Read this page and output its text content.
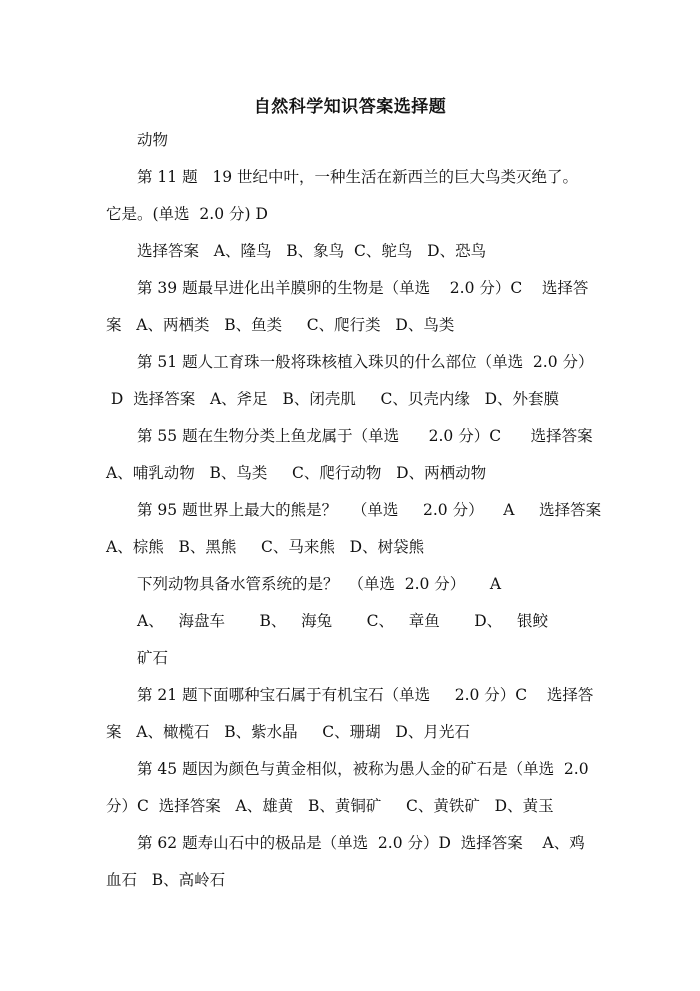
自然科学知识答案选择题
动物
第 11 题   19 世纪中叶，一种生活在新西兰的巨大鸟类灭绝了。
它是。(单选  2.0 分) D
选择答案   A、隆鸟   B、象鸟  C、鸵鸟   D、恐鸟
第 39 题最早进化出羊膜卵的生物是（单选    2.0 分）C    选择答
案   A、两栖类   B、鱼类     C、爬行类   D、鸟类
第 51 题人工育珠一般将珠核植入珠贝的什么部位（单选  2.0 分）
D  选择答案   A、斧足   B、闭壳肌     C、贝壳内缘   D、外套膜
第 55 题在生物分类上鱼龙属于（单选      2.0 分）C      选择答案
A、哺乳动物   B、鸟类     C、爬行动物   D、两栖动物
第 95 题世界上最大的熊是？   （单选     2.0 分）    A     选择答案
A、棕熊   B、黑熊     C、马来熊   D、树袋熊
下列动物具备水管系统的是？  （单选  2.0 分）     A
A、   海盘车       B、   海兔       C、   章鱼       D、   银鲛
矿石
第 21 题下面哪种宝石属于有机宝石（单选     2.0 分）C    选择答
案   A、橄榄石   B、紫水晶     C、珊瑚   D、月光石
第 45 题因为颜色与黄金相似，被称为愚人金的矿石是（单选  2.0
分）C  选择答案   A、雄黄   B、黄铜矿     C、黄铁矿   D、黄玉
第 62 题寿山石中的极品是（单选  2.0 分）D  选择答案    A、鸡
血石   B、高岭石
